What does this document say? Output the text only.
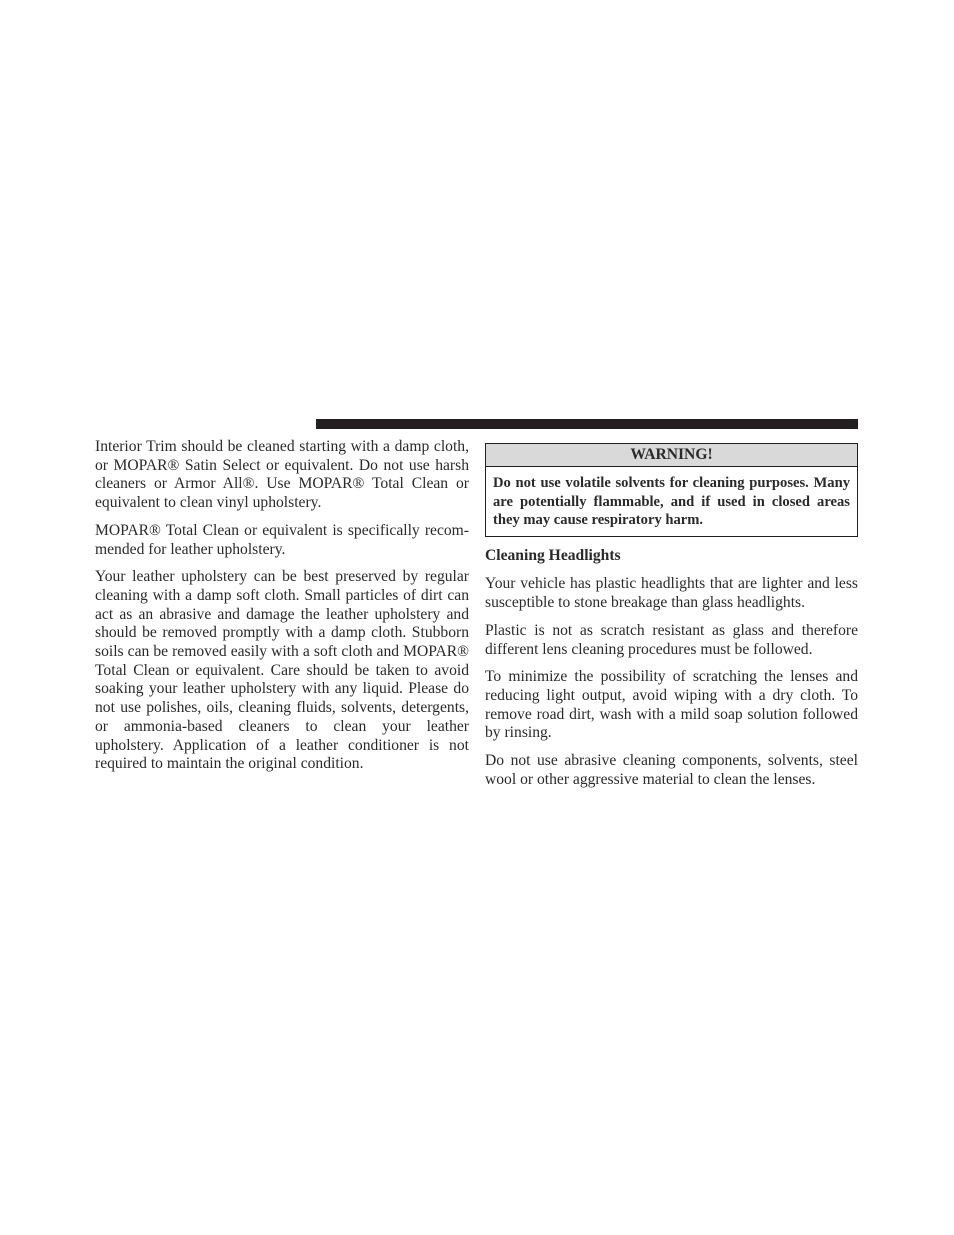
Interior Trim should be cleaned starting with a damp cloth, or MOPAR® Satin Select or equivalent. Do not use harsh cleaners or Armor All®. Use MOPAR® Total Clean or equivalent to clean vinyl upholstery.

MOPAR® Total Clean or equivalent is specifically recommended for leather upholstery.

Your leather upholstery can be best preserved by regular cleaning with a damp soft cloth. Small particles of dirt can act as an abrasive and damage the leather upholstery and should be removed promptly with a damp cloth. Stubborn soils can be removed easily with a soft cloth and MOPAR® Total Clean or equivalent. Care should be taken to avoid soaking your leather upholstery with any liquid. Please do not use polishes, oils, cleaning fluids, solvents, detergents, or ammonia-based cleaners to clean your leather upholstery. Application of a leather conditioner is not required to maintain the original condition.

WARNING!
Do not use volatile solvents for cleaning purposes. Many are potentially flammable, and if used in closed areas they may cause respiratory harm.
Cleaning Headlights

Your vehicle has plastic headlights that are lighter and less susceptible to stone breakage than glass headlights.

Plastic is not as scratch resistant as glass and therefore different lens cleaning procedures must be followed.

To minimize the possibility of scratching the lenses and reducing light output, avoid wiping with a dry cloth. To remove road dirt, wash with a mild soap solution followed by rinsing.

Do not use abrasive cleaning components, solvents, steel wool or other aggressive material to clean the lenses.
